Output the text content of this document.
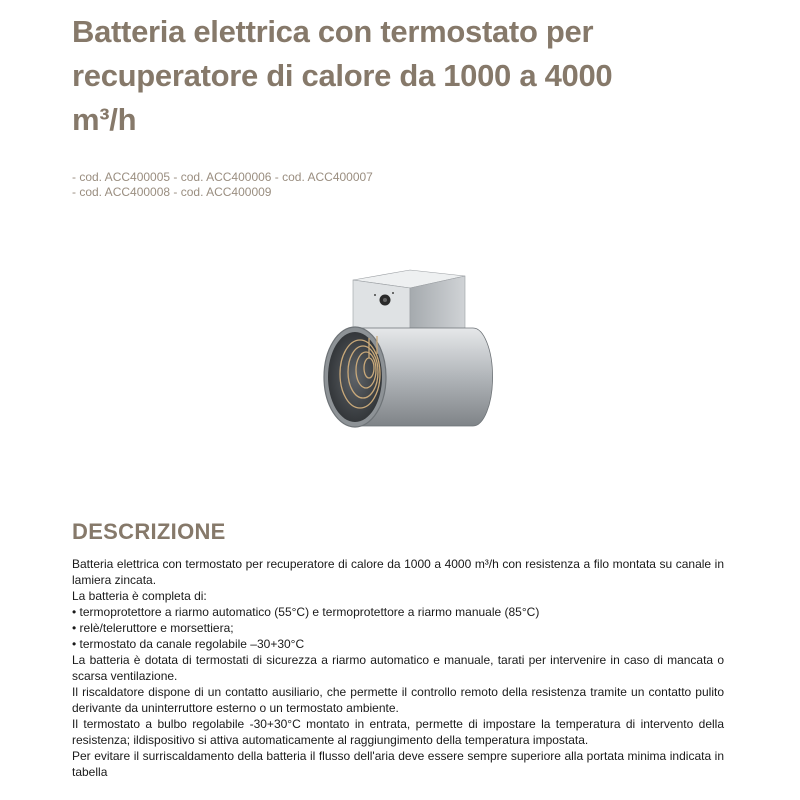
Batteria elettrica con termostato per
recuperatore di calore da 1000 a 4000
m³/h
- cod. ACC400005 - cod. ACC400006 - cod. ACC400007
- cod. ACC400008 - cod. ACC400009
DESCRIZIONE

Batteria elettrica con termostato per recuperatore di calore da 1000 a 4000 m³/h con resistenza a filo montata su canale in lamiera zincata.

La batteria è completa di:

• termoprotettore a riarmo automatico (55°C) e termoprotettore a riarmo manuale (85°C)

• relè/teleruttore e morsettiera;

• termostato da canale regolabile –30+30°C

La batteria è dotata di termostati di sicurezza a riarmo automatico e manuale, tarati per intervenire in caso di mancata o scarsa ventilazione.

Il riscaldatore dispone di un contatto ausiliario, che permette il controllo remoto della resistenza tramite un contatto pulito derivante da uninterruttore esterno o un termostato ambiente.

Il termostato a bulbo regolabile -30+30°C montato in entrata, permette di impostare la temperatura di intervento della resistenza; ildispositivo si attiva automaticamente al raggiungimento della temperatura impostata.

Per evitare il surriscaldamento della batteria il flusso dell'aria deve essere sempre superiore alla portata minima indicata in tabella
